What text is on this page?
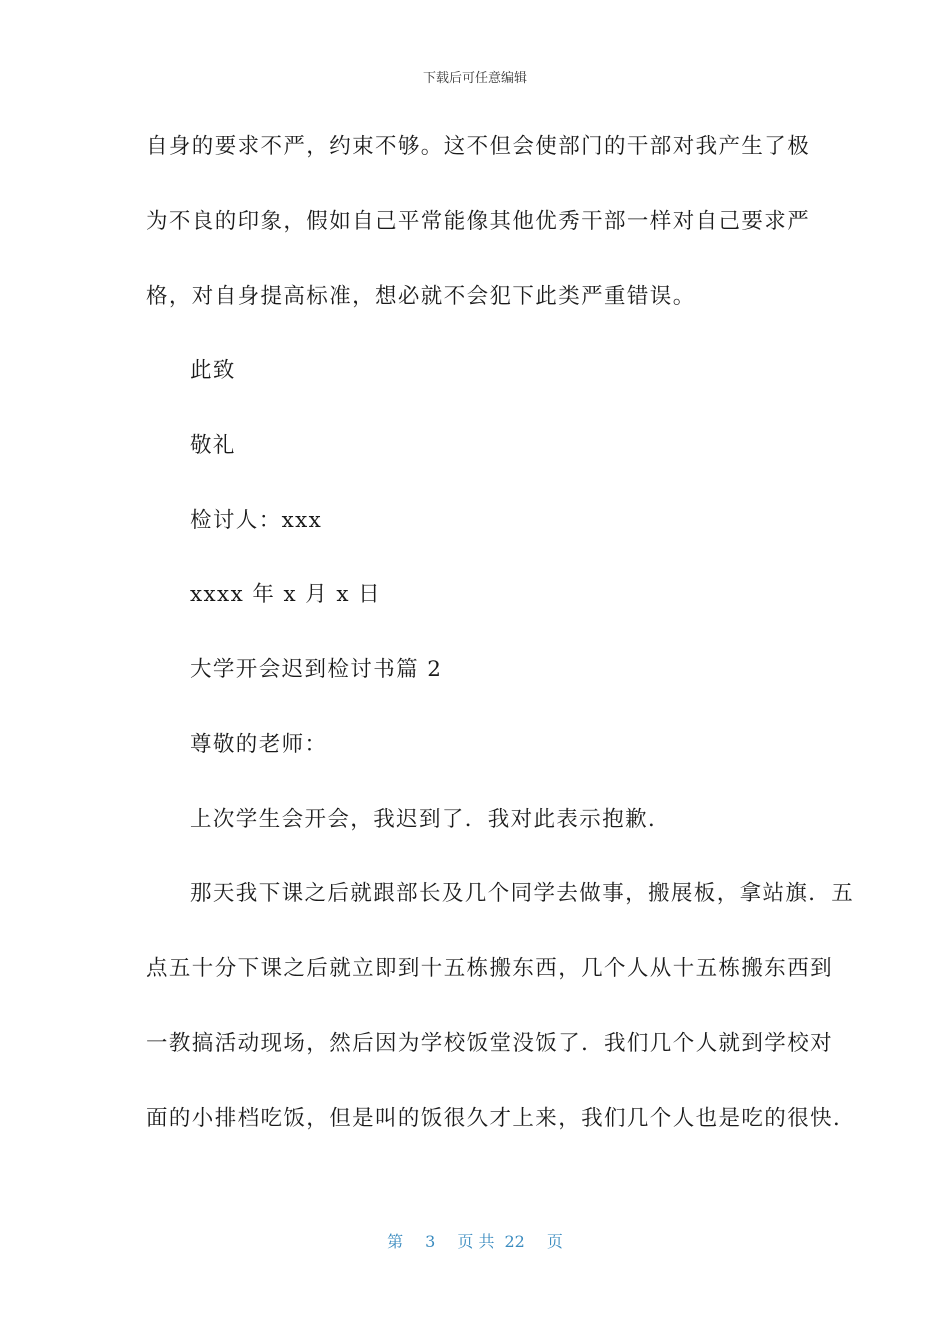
下载后可任意编辑
自身的要求不严，约束不够。这不但会使部门的干部对我产生了极
为不良的印象，假如自己平常能像其他优秀干部一样对自己要求严
格，对自身提高标准，想必就不会犯下此类严重错误。
此致
敬礼
检讨人：xxx
xxxx 年 x 月 x 日
大学开会迟到检讨书篇 2
尊敬的老师：
上次学生会开会，我迟到了．我对此表示抱歉．
那天我下课之后就跟部长及几个同学去做事，搬展板，拿站旗．五
点五十分下课之后就立即到十五栋搬东西，几个人从十五栋搬东西到
一教搞活动现场，然后因为学校饭堂没饭了．我们几个人就到学校对
面的小排档吃饭，但是叫的饭很久才上来，我们几个人也是吃的很快．
第 3 页 共 22 页
